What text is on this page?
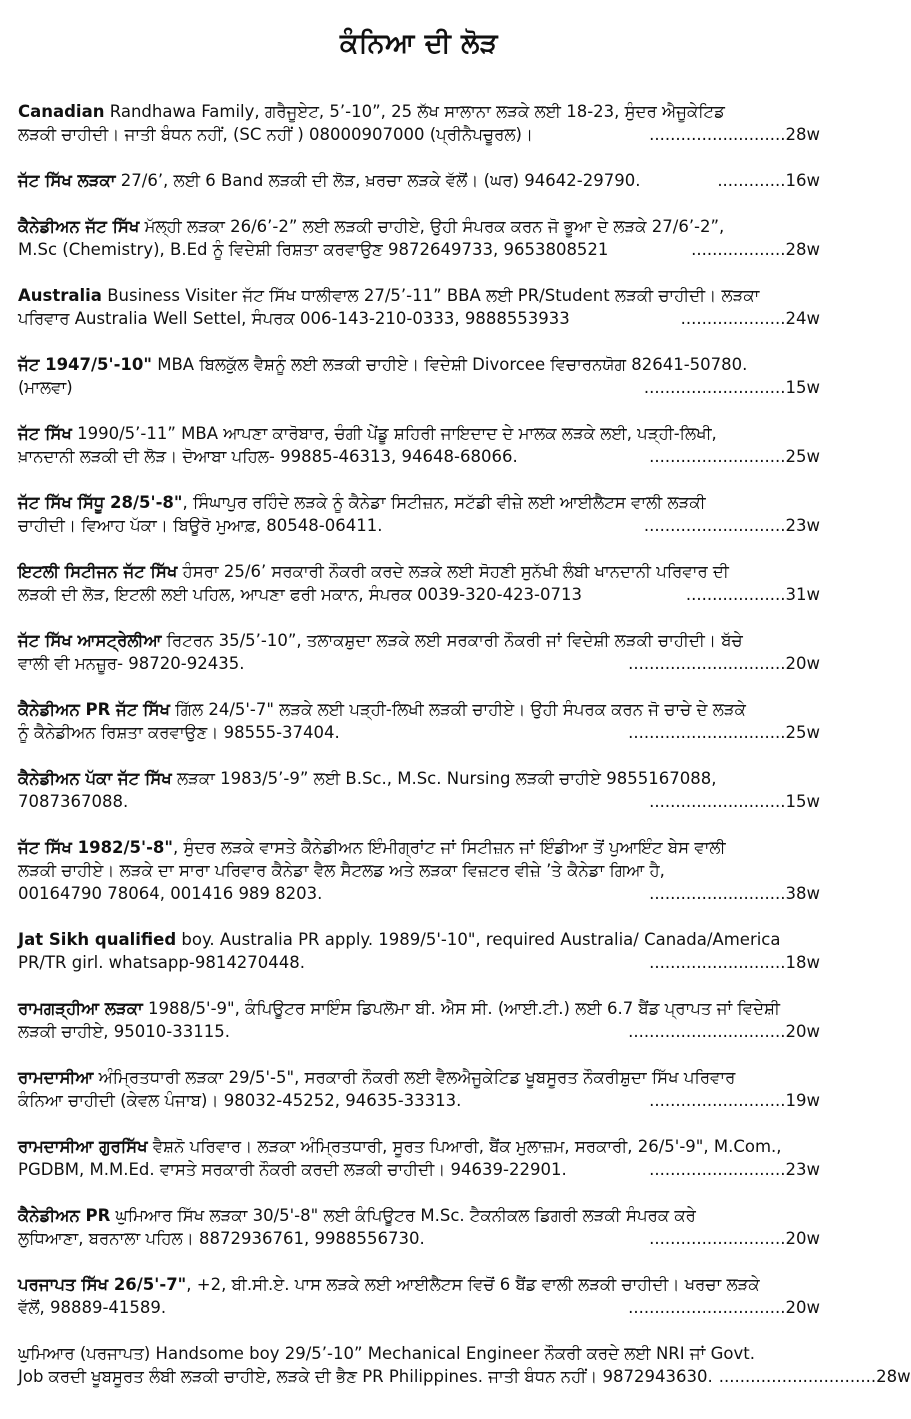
ਕੰਨਿਆ ਦੀ ਲੋੜ
Canadian Randhawa Family, ਗਰੈਜੂਏਟ, 5’-10”, 25 ਲੱਖ ਸਾਲਾਨਾ ਲੜਕੇ ਲਈ 18-23, ਸੁੰਦਰ ਐਜੂਕੇਟਿਡ
ਲੜਕੀ ਚਾਹੀਦੀ। ਜਾਤੀ ਬੰਧਨ ਨਹੀਂ, (SC ਨਹੀਂ ) 08000907000 (ਪ੍ਰੀਨੈਪਚੂਰਲ)।	..........................28w
ਜੱਟ ਸਿੱਖ ਲੜਕਾ 27/6’, ਲਈ 6 Band ਲੜਕੀ ਦੀ ਲੋੜ, ਖ਼ਰਚਾ ਲੜਕੇ ਵੱਲੋਂ। (ਘਰ) 94642-29790.	.............16w
ਕੈਨੇਡੀਅਨ ਜੱਟ ਸਿੱਖ ਮੱਲ੍ਹੀ ਲੜਕਾ 26/6’-2” ਲਈ ਲੜਕੀ ਚਾਹੀਏ, ਉਹੀ ਸੰਪਰਕ ਕਰਨ ਜੋ ਭੂਆ ਦੇ ਲੜਕੇ 27/6’-2”,
M.Sc (Chemistry), B.Ed ਨੂੰ ਵਿਦੇਸ਼ੀ ਰਿਸ਼ਤਾ ਕਰਵਾਉਣ 9872649733, 9653808521	..................28w
Australia Business Visiter ਜੱਟ ਸਿੱਖ ਧਾਲੀਵਾਲ 27/5’-11” BBA ਲਈ PR/Student ਲੜਕੀ ਚਾਹੀਦੀ। ਲੜਕਾ
ਪਰਿਵਾਰ Australia Well Settel, ਸੰਪਰਕ 006-143-210-0333, 9888553933	....................24w
ਜੱਟ 1947/5'-10" MBA ਬਿਲਕੁੱਲ ਵੈਸ਼ਨੂੰ ਲਈ ਲੜਕੀ ਚਾਹੀਏ। ਵਿਦੇਸ਼ੀ Divorcee ਵਿਚਾਰਨਯੋਗ 82641-50780.
(ਮਾਲਵਾ)	...........................15w
ਜੱਟ ਸਿੱਖ 1990/5’-11” MBA ਆਪਣਾ ਕਾਰੋਬਾਰ, ਚੰਗੀ ਪੇਂਡੂ ਸ਼ਹਿਰੀ ਜਾਇਦਾਦ ਦੇ ਮਾਲਕ ਲੜਕੇ ਲਈ, ਪੜ੍ਹੀ-ਲਿਖੀ,
ਖ਼ਾਨਦਾਨੀ ਲੜਕੀ ਦੀ ਲੋੜ। ਦੋਆਬਾ ਪਹਿਲ- 99885-46313, 94648-68066.	..........................25w
ਜੱਟ ਸਿੱਖ ਸਿੱਧੂ 28/5'-8", ਸਿੰਘਾਪੁਰ ਰਹਿੰਦੇ ਲੜਕੇ ਨੂੰ ਕੈਨੇਡਾ ਸਿਟੀਜ਼ਨ, ਸਟੱਡੀ ਵੀਜ਼ੇ ਲਈ ਆਈਲੈਟਸ ਵਾਲੀ ਲੜਕੀ
ਚਾਹੀਦੀ। ਵਿਆਹ ਪੱਕਾ। ਬਿਊਰੋ ਮੁਆਫ਼, 80548-06411.	...........................23w
ਇਟਲੀ ਸਿਟੀਜਨ ਜੱਟ ਸਿੱਖ ਹੰਸਰਾ 25/6’ ਸਰਕਾਰੀ ਨੌਕਰੀ ਕਰਦੇ ਲੜਕੇ ਲਈ ਸੋਹਣੀ ਸੁਨੱਖੀ ਲੰਬੀ ਖਾਨਦਾਨੀ ਪਰਿਵਾਰ ਦੀ
ਲੜਕੀ ਦੀ ਲੋੜ, ਇਟਲੀ ਲਈ ਪਹਿਲ, ਆਪਣਾ ਫਰੀ ਮਕਾਨ, ਸੰਪਰਕ 0039-320-423-0713	...................31w
ਜੱਟ ਸਿੱਖ ਆਸਟ੍ਰੇਲੀਆ ਰਿਟਰਨ 35/5’-10”, ਤਲਾਕਸ਼ੁਦਾ ਲੜਕੇ ਲਈ ਸਰਕਾਰੀ ਨੌਕਰੀ ਜਾਂ ਵਿਦੇਸ਼ੀ ਲੜਕੀ ਚਾਹੀਦੀ। ਬੱਚੇ
ਵਾਲੀ ਵੀ ਮਨਜ਼ੂਰ- 98720-92435.	..............................20w
ਕੈਨੇਡੀਅਨ PR ਜੱਟ ਸਿੱਖ ਗਿੱਲ 24/5'-7" ਲੜਕੇ ਲਈ ਪੜ੍ਹੀ-ਲਿਖੀ ਲੜਕੀ ਚਾਹੀਏ। ਉਹੀ ਸੰਪਰਕ ਕਰਨ ਜੋ ਚਾਚੇ ਦੇ ਲੜਕੇ
ਨੂੰ ਕੈਨੇਡੀਅਨ ਰਿਸ਼ਤਾ ਕਰਵਾਉਣ। 98555-37404.	..............................25w
ਕੈਨੇਡੀਅਨ ਪੱਕਾ ਜੱਟ ਸਿੱਖ ਲੜਕਾ 1983/5’-9” ਲਈ B.Sc., M.Sc. Nursing ਲੜਕੀ ਚਾਹੀਏ 9855167088,
7087367088.	..........................15w
ਜੱਟ ਸਿੱਖ 1982/5'-8", ਸੁੰਦਰ ਲੜਕੇ ਵਾਸਤੇ ਕੈਨੇਡੀਅਨ ਇੰਮੀਗ੍ਰਾਂਟ ਜਾਂ ਸਿਟੀਜ਼ਨ ਜਾਂ ਇੰਡੀਆ ਤੋਂ ਪੁਆਇੰਟ ਬੇਸ ਵਾਲੀ
ਲੜਕੀ ਚਾਹੀਏ। ਲੜਕੇ ਦਾ ਸਾਰਾ ਪਰਿਵਾਰ ਕੈਨੇਡਾ ਵੈਲ ਸੈਟਲਡ ਅਤੇ ਲੜਕਾ ਵਿਜ਼ਟਰ ਵੀਜ਼ੇ ’ਤੇ ਕੈਨੇਡਾ ਗਿਆ ਹੈ,
00164790 78064, 001416 989 8203.	..........................38w
Jat Sikh qualified boy. Australia PR apply. 1989/5'-10", required Australia/ Canada/America
PR/TR girl. whatsapp-9814270448.	..........................18w
ਰਾਮਗੜ੍ਹੀਆ ਲੜਕਾ 1988/5'-9", ਕੰਪਿਊਟਰ ਸਾਇੰਸ ਡਿਪਲੋਮਾ ਬੀ. ਐਸ ਸੀ. (ਆਈ.ਟੀ.) ਲਈ 6.7 ਬੈਂਡ ਪ੍ਰਾਪਤ ਜਾਂ ਵਿਦੇਸ਼ੀ
ਲੜਕੀ ਚਾਹੀਏ, 95010-33115.	..............................20w
ਰਾਮਦਾਸੀਆ ਅੰਮ੍ਰਿਤਧਾਰੀ ਲੜਕਾ 29/5'-5", ਸਰਕਾਰੀ ਨੌਕਰੀ ਲਈ ਵੈਲਐਜੂਕੇਟਿਡ ਖੂਬਸੂਰਤ ਨੌਕਰੀਸ਼ੁਦਾ ਸਿੱਖ ਪਰਿਵਾਰ
ਕੰਨਿਆ ਚਾਹੀਦੀ (ਕੇਵਲ ਪੰਜਾਬ)। 98032-45252, 94635-33313.	..........................19w
ਰਾਮਦਾਸੀਆ ਗੁਰਸਿੱਖ ਵੈਸ਼ਨੋ ਪਰਿਵਾਰ। ਲੜਕਾ ਅੰਮ੍ਰਿਤਧਾਰੀ, ਸੂਰਤ ਪਿਆਰੀ, ਬੈਂਕ ਮੁਲਾਜ਼ਮ, ਸਰਕਾਰੀ, 26/5'-9", M.Com.,
PGDBM, M.M.Ed. ਵਾਸਤੇ ਸਰਕਾਰੀ ਨੌਕਰੀ ਕਰਦੀ ਲੜਕੀ ਚਾਹੀਦੀ। 94639-22901.	..........................23w
ਕੈਨੇਡੀਅਨ PR ਘੁਮਿਆਰ ਸਿੱਖ ਲੜਕਾ 30/5'-8" ਲਈ ਕੰਪਿਊਟਰ M.Sc. ਟੈਕਨੀਕਲ ਡਿਗਰੀ ਲੜਕੀ ਸੰਪਰਕ ਕਰੇ
ਲੁਧਿਆਣਾ, ਬਰਨਾਲਾ ਪਹਿਲ। 8872936761, 9988556730.	..........................20w
ਪਰਜਾਪਤ ਸਿੱਖ 26/5'-7", +2, ਬੀ.ਸੀ.ਏ. ਪਾਸ ਲੜਕੇ ਲਈ ਆਈਲੈਟਸ ਵਿਚੋਂ 6 ਬੈਂਡ ਵਾਲੀ ਲੜਕੀ ਚਾਹੀਦੀ। ਖਰਚਾ ਲੜਕੇ
ਵੱਲੋਂ, 98889-41589.	..............................20w
ਘੁਮਿਆਰ (ਪਰਜਾਪਤ) Handsome boy 29/5’-10” Mechanical Engineer ਨੌਕਰੀ ਕਰਦੇ ਲਈ NRI ਜਾਂ Govt.
Job ਕਰਦੀ ਖੂਬਸੂਰਤ ਲੰਬੀ ਲੜਕੀ ਚਾਹੀਏ, ਲੜਕੇ ਦੀ ਭੈਣ PR Philippines. ਜਾਤੀ ਬੰਧਨ ਨਹੀਂ। 9872943630. ..............................28w
